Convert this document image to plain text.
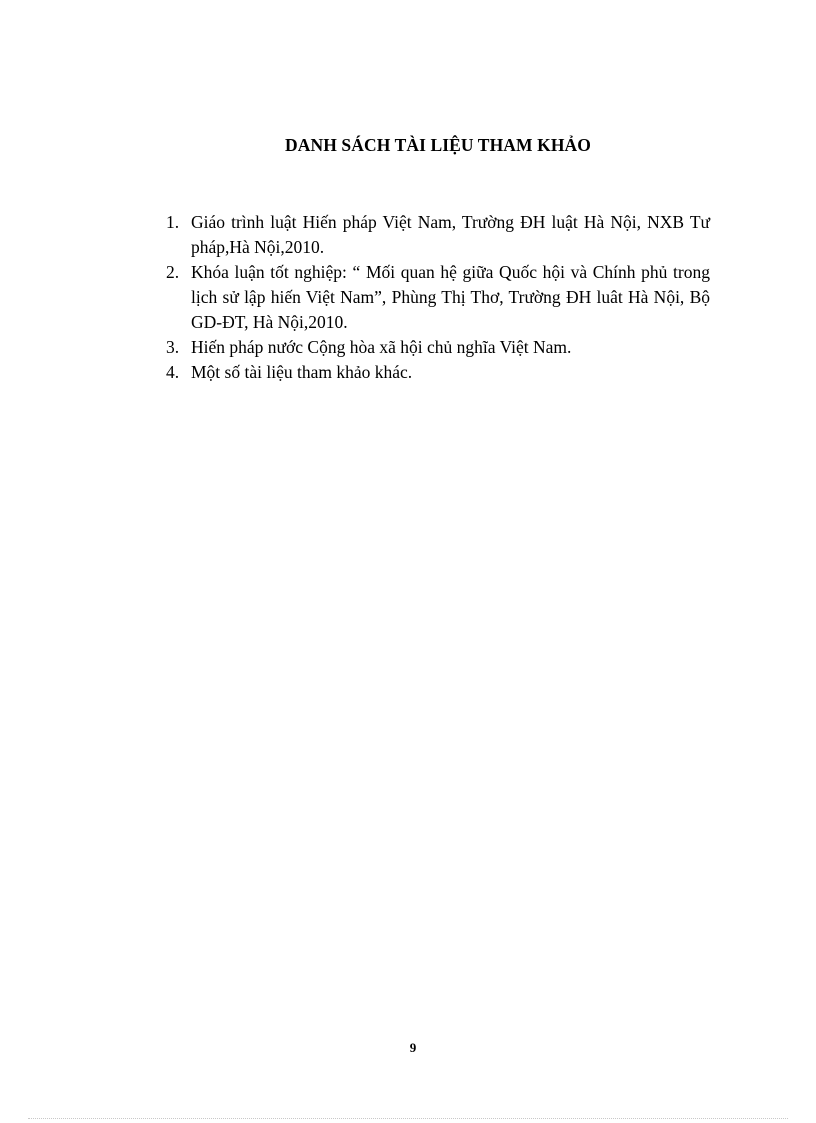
DANH SÁCH TÀI LIỆU THAM KHẢO
1. Giáo trình luật Hiến pháp Việt Nam, Trường ĐH luật Hà Nội, NXB Tư pháp,Hà Nội,2010.
2. Khóa luận tốt nghiệp: “ Mối quan hệ giữa Quốc hội và Chính phủ trong lịch sử lập hiến Việt Nam”, Phùng Thị Thơ, Trường ĐH luât Hà Nội, Bộ GD-ĐT, Hà Nội,2010.
3. Hiến pháp nước Cộng hòa xã hội chủ nghĩa Việt Nam.
4. Một số tài liệu tham khảo khác.

9
